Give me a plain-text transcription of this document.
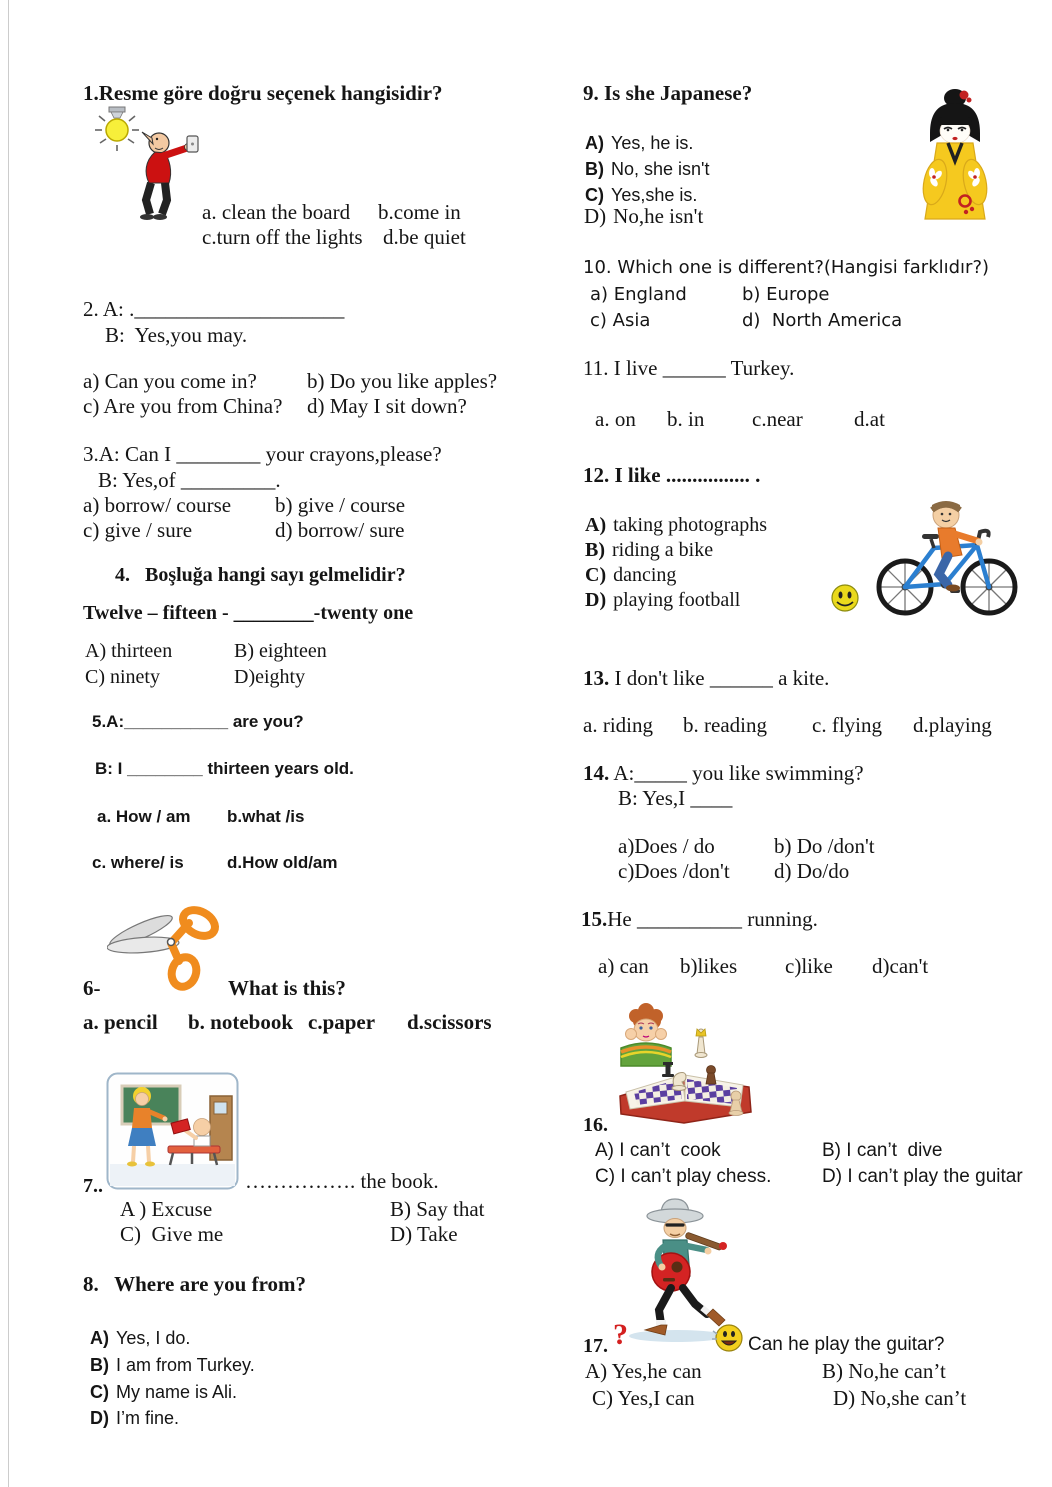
1.Resme göre doğru seçenek hangisidir?
a. clean the board	b.come in
c.turn off the lights d.be quiet
2. A: .____________________
B:  Yes,you may.
a) Can you come in?	b) Do you like apples?
c) Are you from China?	d) May I sit down?
3.A: Can I ________ your crayons,please?
B: Yes,of _________.
a) borrow/ course	b) give / course
c) give / sure	d) borrow/ sure
4.   Boşluğa hangi sayı gelmelidir?
Twelve – fifteen - ________-twenty one
A) thirteen	B) eighteen
C) ninety	D)eighty
5.A:___________ are you?
B: I ________ thirteen years old.
a. How / am	b.what /is
c. where/ is	d.How old/am
6-	What is this?
a. pencil	b. notebook c.paper	d.scissors
7..	……………. the book.
A ) Excuse	B) Say that
C)  Give me	D) Take
8.   Where are you from?
A) Yes, I do.
B) I am from Turkey.
C) My name is Ali.
D) I’m fine.
9. Is she Japanese?
A) Yes, he is.
B) No, she isn't
C) Yes,she is.
D) No,he isn't
10. Which one is different?(Hangisi farklıdır?)
a) England	b) Europe
c) Asia	d)  North America
11. I live ______ Turkey.
a. on	b. in	c.near	d.at
12. I like ................ .
A) taking photographs
B) riding a bike
C) dancing
D) playing football
13. I don't like ______ a kite.
a. riding	b. reading	c. flying	d.playing
14. A:_____ you like swimming?
B: Yes,I ____
a)Does / do	b) Do /don't
c)Does /don't	d) Do/do
15.He __________ running.
a) can	b)likes	c)like	d)can't
16.
A) I can’t  cook	B) I can’t  dive
C) I can’t play chess.	D) I can’t play the guitar
17. ?	Can he play the guitar?
A) Yes,he can	B) No,he can’t
C) Yes,I can	D) No,she can’t
